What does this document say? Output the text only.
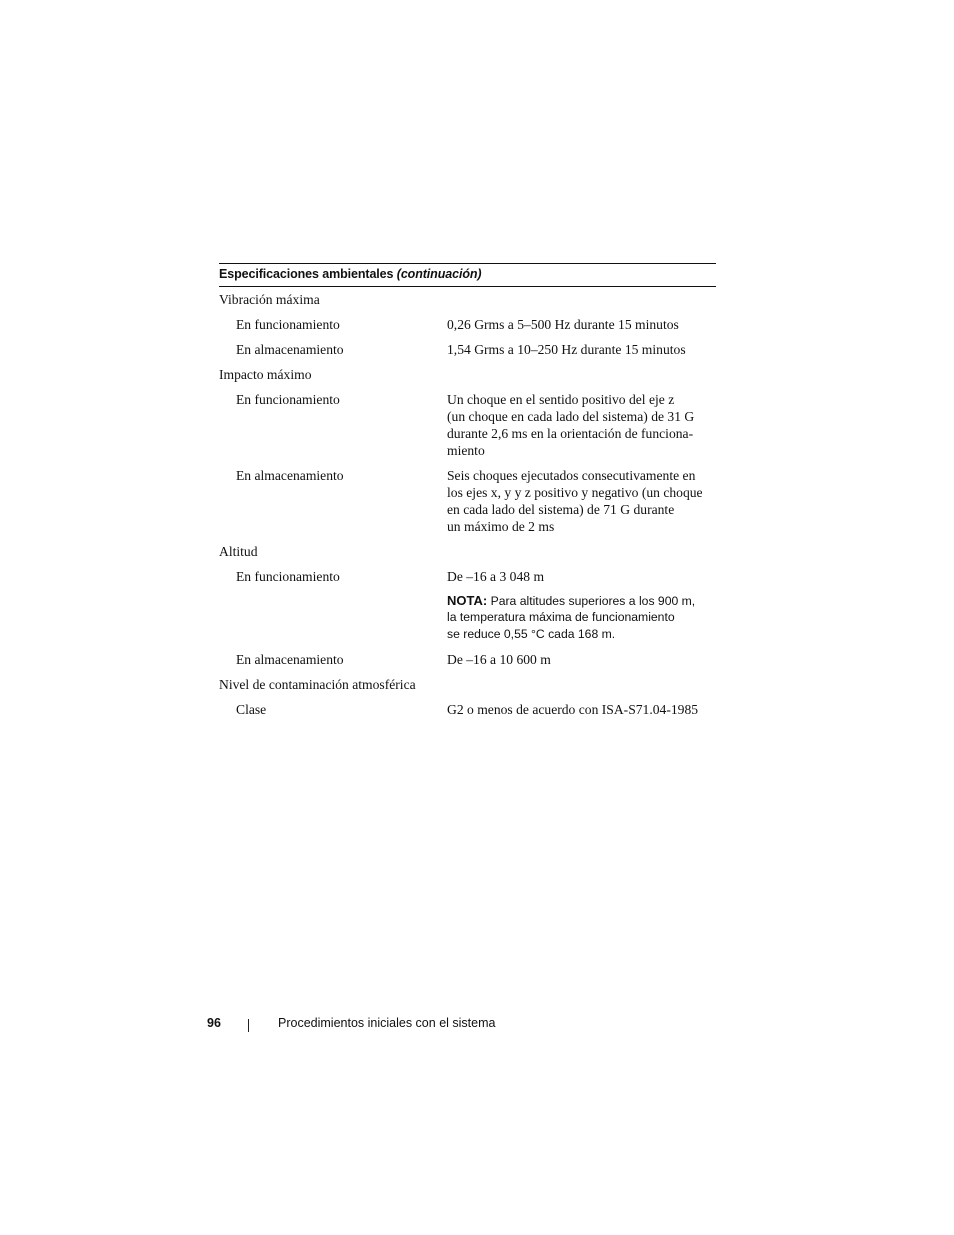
Especificaciones ambientales (continuación)
Vibración máxima
En funcionamiento	0,26 Grms a 5–500 Hz durante 15 minutos
En almacenamiento	1,54 Grms a 10–250 Hz durante 15 minutos
Impacto máximo
En funcionamiento	Un choque en el sentido positivo del eje z
(un choque en cada lado del sistema) de 31 G
durante 2,6 ms en la orientación de funciona-
miento
En almacenamiento	Seis choques ejecutados consecutivamente en
los ejes x, y y z positivo y negativo (un choque
en cada lado del sistema) de 71 G durante
un máximo de 2 ms
Altitud
En funcionamiento	De –16 a 3 048 m
NOTA: Para altitudes superiores a los 900 m,
la temperatura máxima de funcionamiento
se reduce 0,55 °C cada 168 m.
En almacenamiento	De –16 a 10 600 m
Nivel de contaminación atmosférica
Clase	G2 o menos de acuerdo con ISA-S71.04-1985
96	Procedimientos iniciales con el sistema
